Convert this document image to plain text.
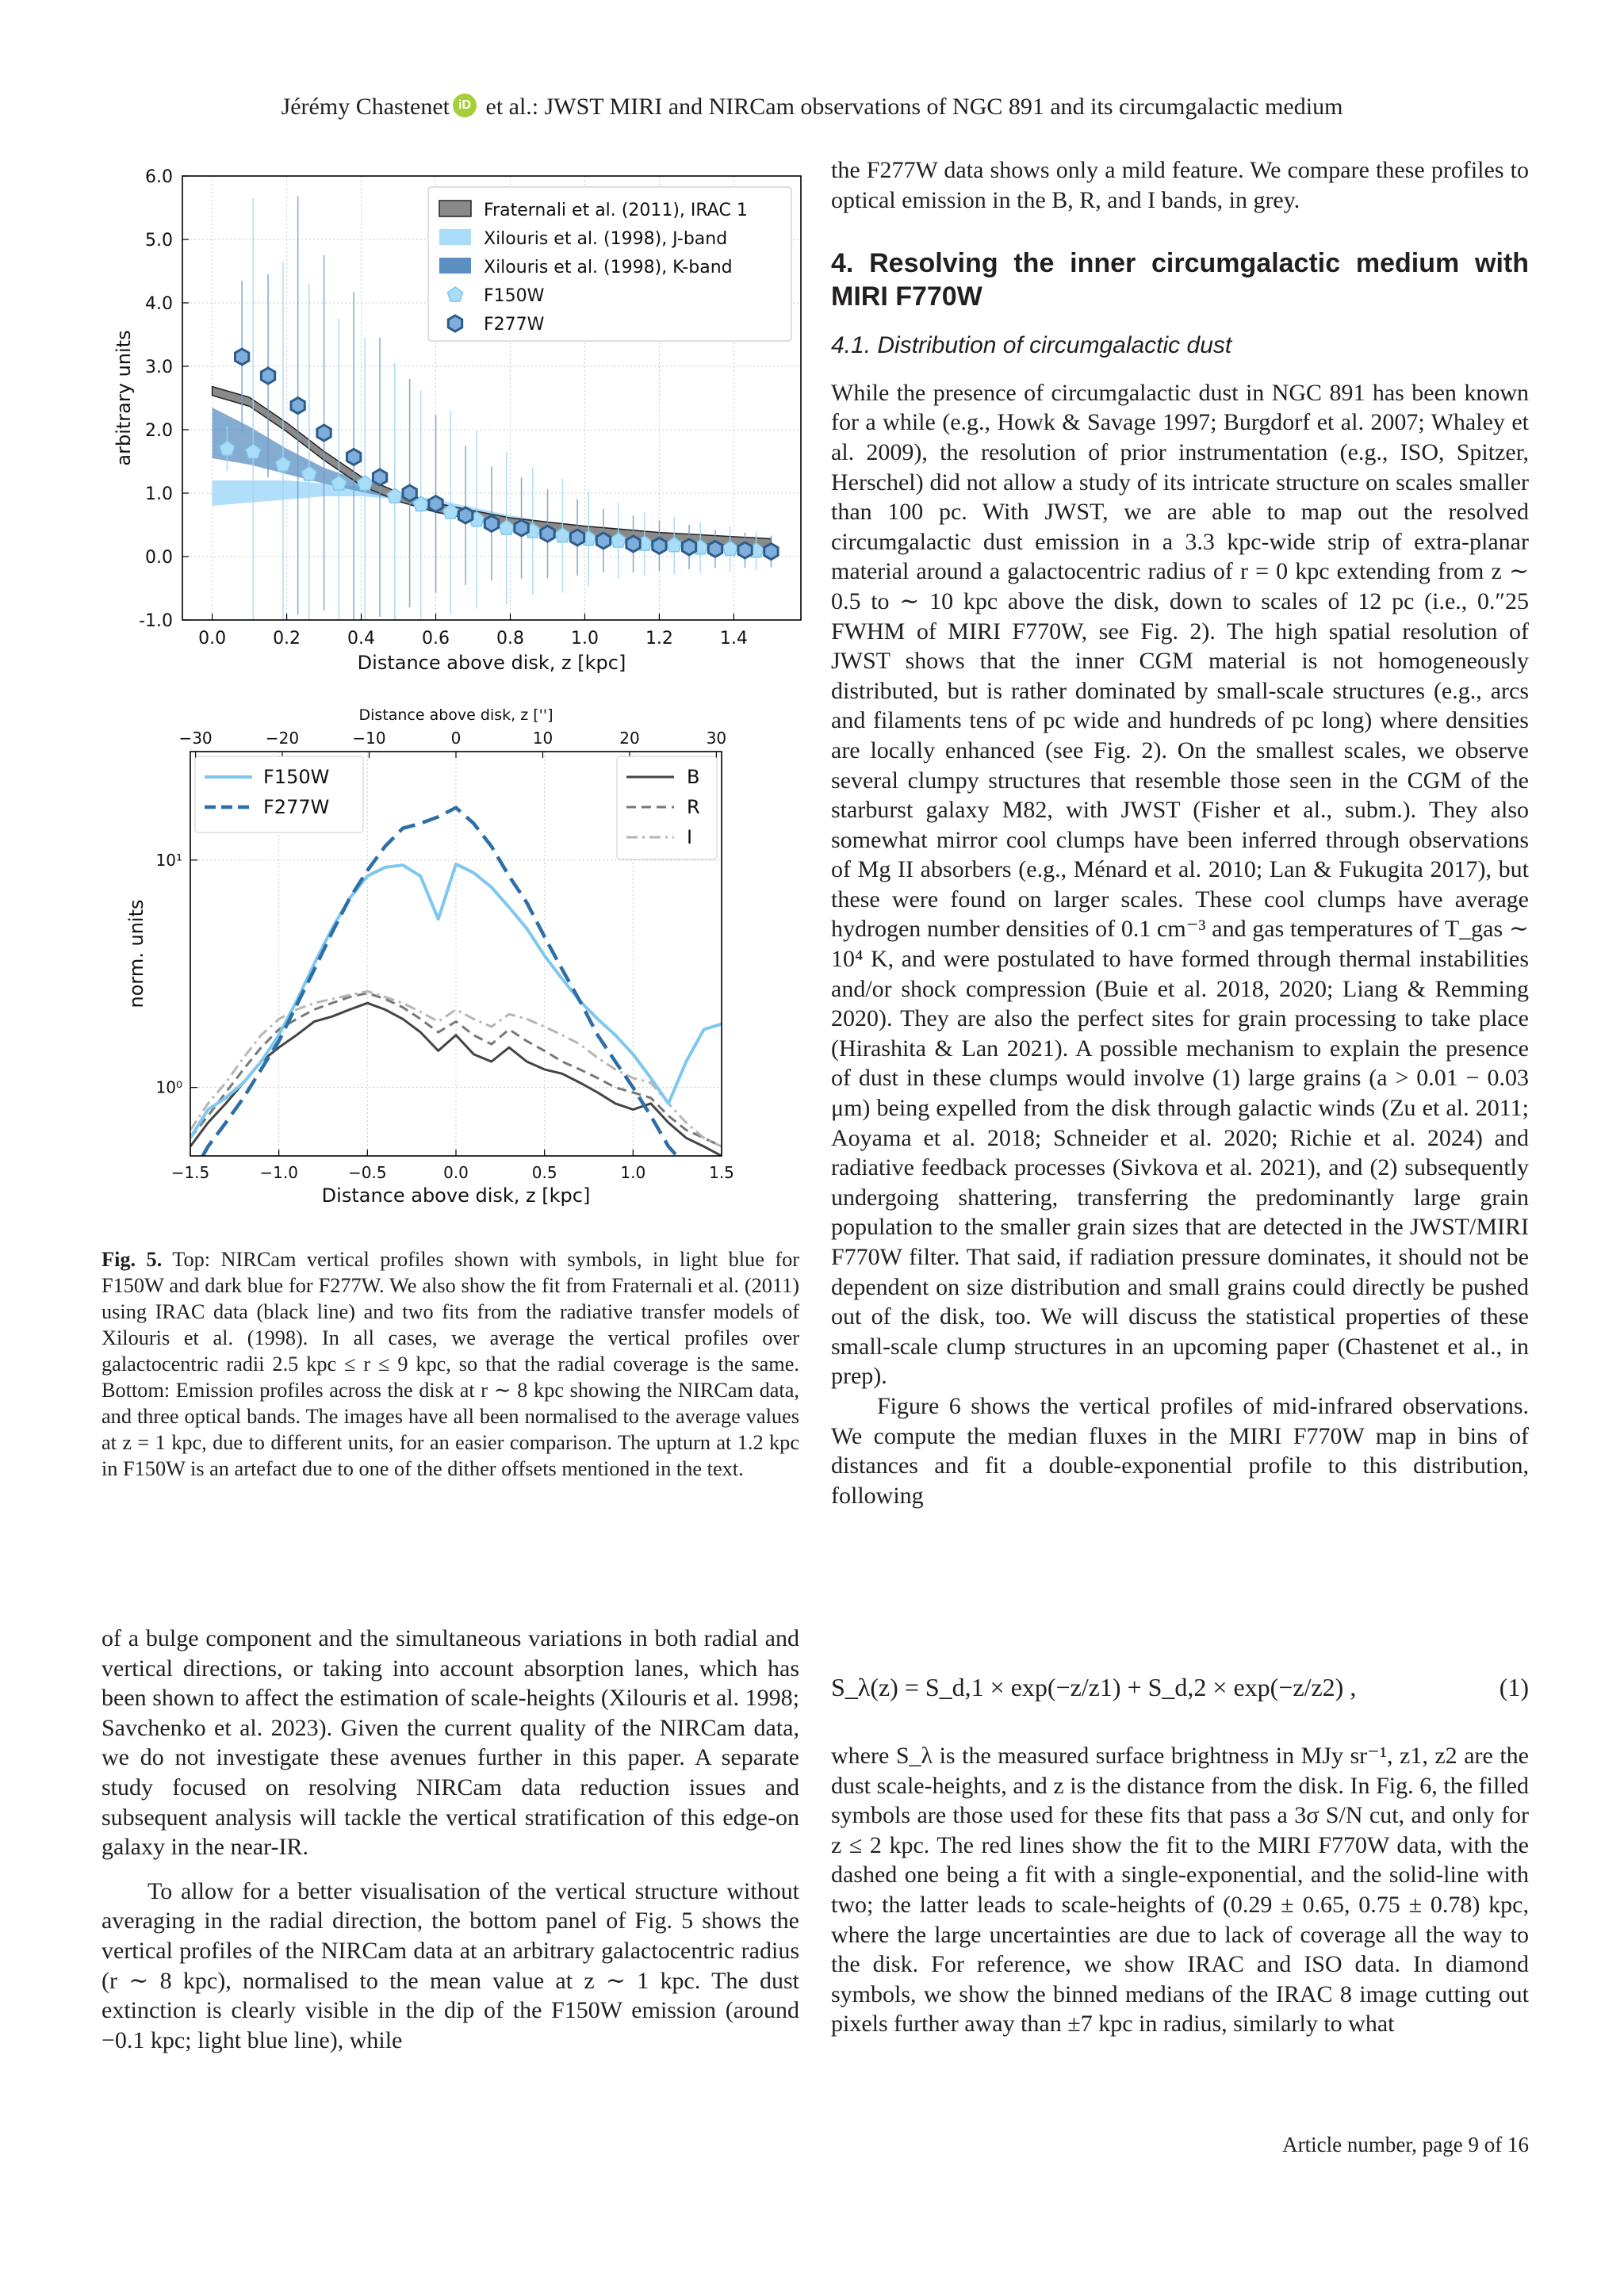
Jérémy Chastenet iD et al.: JWST MIRI and NIRCam observations of NGC 891 and its circumgalactic medium
0.0	0.2	0.4	0.6	0.8	1.0	1.2	1.4
-1.0
0.0
1.0
2.0
3.0
4.0
5.0
6.0
Fraternali et al. (2011), IRAC 1
Xilouris et al. (1998), J-band
Xilouris et al. (1998), K-band
F150W
F277W
Distance above disk, z [kpc]
arbitrary units
−1.5	−1.0	−0.5	0.0	0.5	1.0	1.5
−30	−20	−10	0	10	20	30
10⁰
10¹
F150W
F277W
B
R
I
Distance above disk, z [kpc]
Distance above disk, z ['']
norm. units
Fig. 5. Top: NIRCam vertical profiles shown with symbols, in light blue for F150W and dark blue for F277W. We also show the fit from Fraternali et al. (2011) using IRAC data (black line) and two fits from the radiative transfer models of Xilouris et al. (1998). In all cases, we average the vertical profiles over galactocentric radii 2.5 kpc ≤ r ≤ 9 kpc, so that the radial coverage is the same. Bottom: Emission profiles across the disk at r ∼ 8 kpc showing the NIRCam data, and three optical bands. The images have all been normalised to the average values at z = 1 kpc, due to different units, for an easier comparison. The upturn at 1.2 kpc in F150W is an artefact due to one of the dither offsets mentioned in the text.

of a bulge component and the simultaneous variations in both radial and vertical directions, or taking into account absorption lanes, which has been shown to affect the estimation of scale-heights (Xilouris et al. 1998; Savchenko et al. 2023). Given the current quality of the NIRCam data, we do not investigate these avenues further in this paper. A separate study focused on resolving NIRCam data reduction issues and subsequent analysis will tackle the vertical stratification of this edge-on galaxy in the near-IR.

To allow for a better visualisation of the vertical structure without averaging in the radial direction, the bottom panel of Fig. 5 shows the vertical profiles of the NIRCam data at an arbitrary galactocentric radius (r ∼ 8 kpc), normalised to the mean value at z ∼ 1 kpc. The dust extinction is clearly visible in the dip of the F150W emission (around −0.1 kpc; light blue line), while

the F277W data shows only a mild feature. We compare these profiles to optical emission in the B, R, and I bands, in grey.

4. Resolving the inner circumgalactic medium with MIRI F770W
4.1. Distribution of circumgalactic dust

While the presence of circumgalactic dust in NGC 891 has been known for a while (e.g., Howk & Savage 1997; Burgdorf et al. 2007; Whaley et al. 2009), the resolution of prior instrumentation (e.g., ISO, Spitzer, Herschel) did not allow a study of its intricate structure on scales smaller than 100 pc. With JWST, we are able to map out the resolved circumgalactic dust emission in a 3.3 kpc-wide strip of extra-planar material around a galactocentric radius of r = 0 kpc extending from z ∼ 0.5 to ∼ 10 kpc above the disk, down to scales of 12 pc (i.e., 0.″25 FWHM of MIRI F770W, see Fig. 2). The high spatial resolution of JWST shows that the inner CGM material is not homogeneously distributed, but is rather dominated by small-scale structures (e.g., arcs and filaments tens of pc wide and hundreds of pc long) where densities are locally enhanced (see Fig. 2). On the smallest scales, we observe several clumpy structures that resemble those seen in the CGM of the starburst galaxy M82, with JWST (Fisher et al., subm.). They also somewhat mirror cool clumps have been inferred through observations of Mg II absorbers (e.g., Ménard et al. 2010; Lan & Fukugita 2017), but these were found on larger scales. These cool clumps have average hydrogen number densities of 0.1 cm⁻³ and gas temperatures of T_gas ∼ 10⁴ K, and were postulated to have formed through thermal instabilities and/or shock compression (Buie et al. 2018, 2020; Liang & Remming 2020). They are also the perfect sites for grain processing to take place (Hirashita & Lan 2021). A possible mechanism to explain the presence of dust in these clumps would involve (1) large grains (a > 0.01 − 0.03 μm) being expelled from the disk through galactic winds (Zu et al. 2011; Aoyama et al. 2018; Schneider et al. 2020; Richie et al. 2024) and radiative feedback processes (Sivkova et al. 2021), and (2) subsequently undergoing shattering, transferring the predominantly large grain population to the smaller grain sizes that are detected in the JWST/MIRI F770W filter. That said, if radiation pressure dominates, it should not be dependent on size distribution and small grains could directly be pushed out of the disk, too. We will discuss the statistical properties of these small-scale clump structures in an upcoming paper (Chastenet et al., in prep).

Figure 6 shows the vertical profiles of mid-infrared observations. We compute the median fluxes in the MIRI F770W map in bins of distances and fit a double-exponential profile to this distribution, following

S_λ(z) = S_d,1 × exp(−z/z1) + S_d,2 × exp(−z/z2) ,	(1)

where S_λ is the measured surface brightness in MJy sr⁻¹, z1, z2 are the dust scale-heights, and z is the distance from the disk. In Fig. 6, the filled symbols are those used for these fits that pass a 3σ S/N cut, and only for z ≤ 2 kpc. The red lines show the fit to the MIRI F770W data, with the dashed one being a fit with a single-exponential, and the solid-line with two; the latter leads to scale-heights of (0.29 ± 0.65, 0.75 ± 0.78) kpc, where the large uncertainties are due to lack of coverage all the way to the disk. For reference, we show IRAC and ISO data. In diamond symbols, we show the binned medians of the IRAC 8 image cutting out pixels further away than ±7 kpc in radius, similarly to what

Article number, page 9 of 16
